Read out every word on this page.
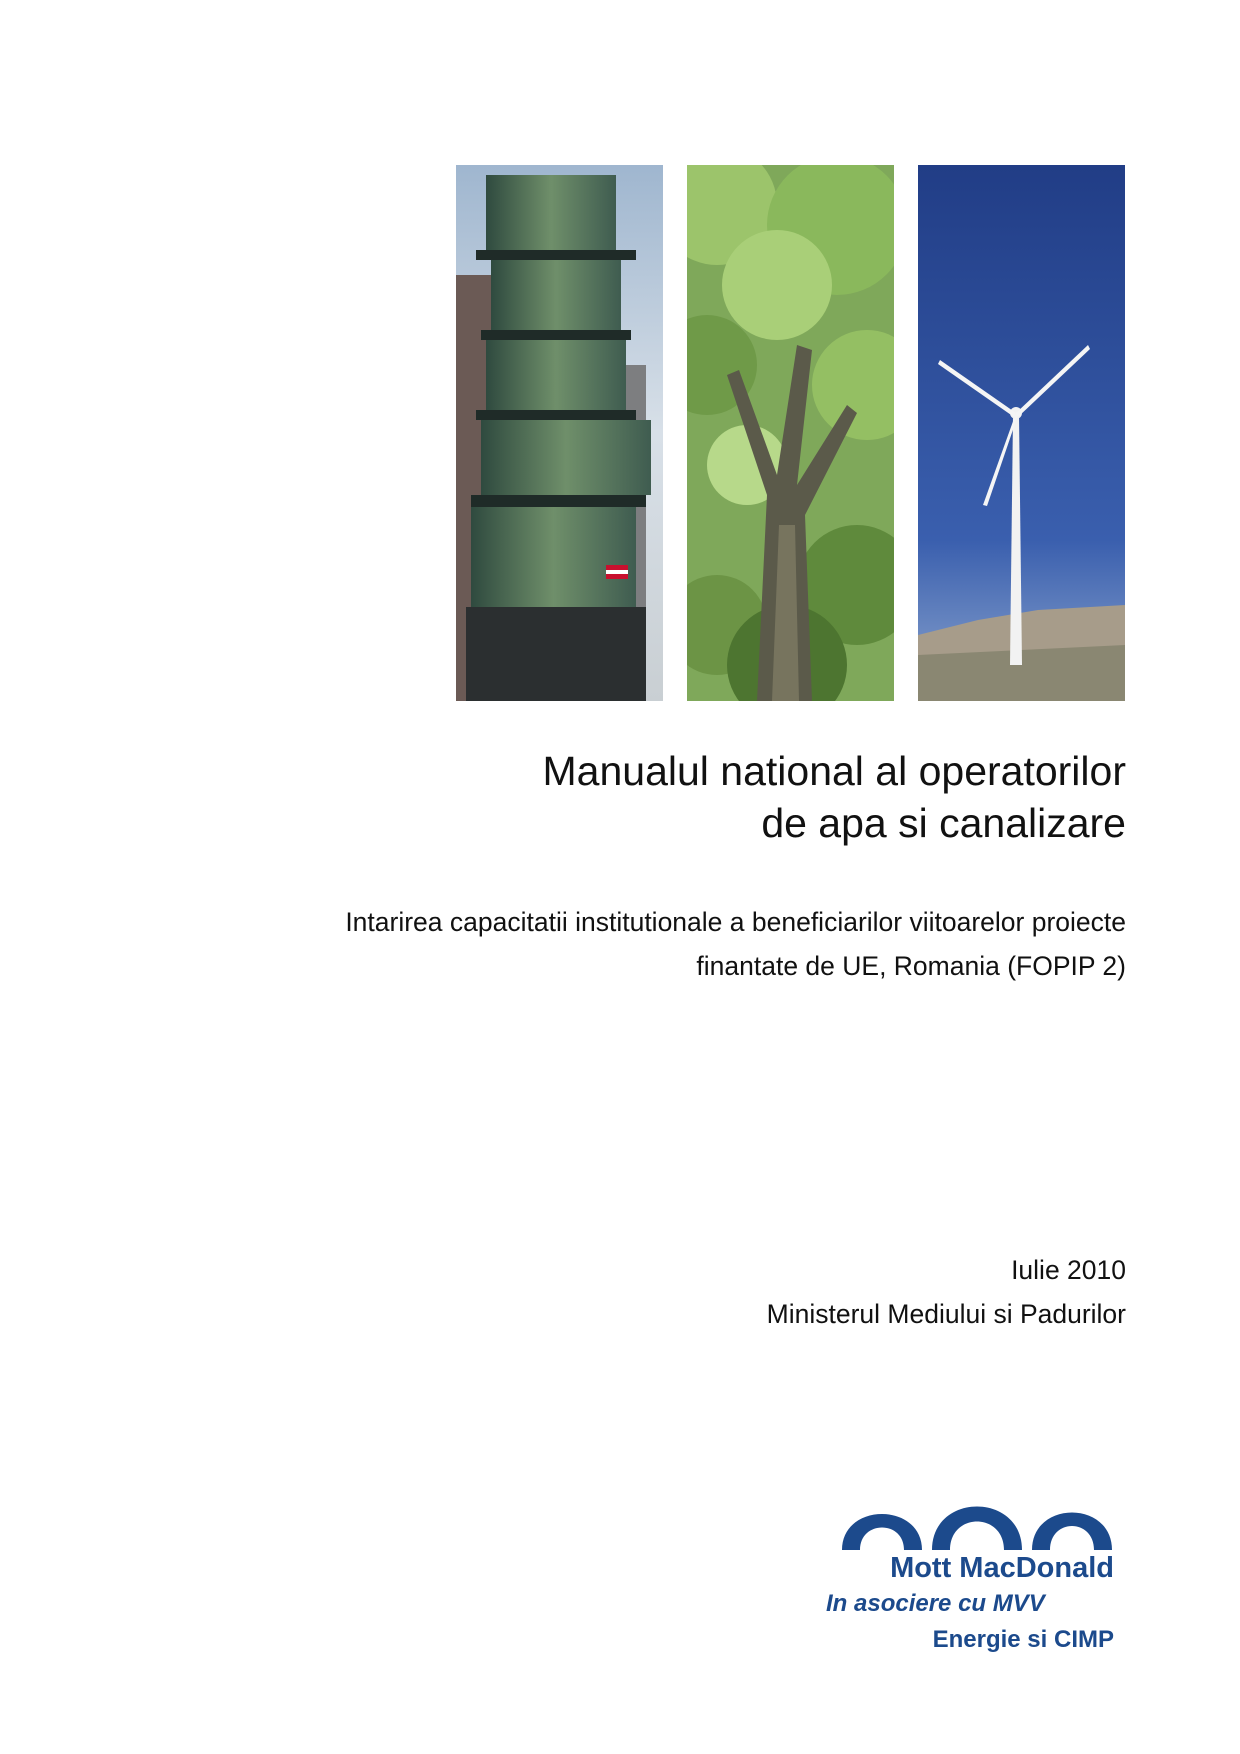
Manualul national al operatorilor
de apa si canalizare

Intarirea capacitatii institutionale a beneficiarilor viitoarelor proiecte
finantate de UE, Romania (FOPIP 2)

Iulie 2010
Ministerul Mediului si Padurilor
Mott MacDonald
In asociere cu MVV
Energie si CIMP
